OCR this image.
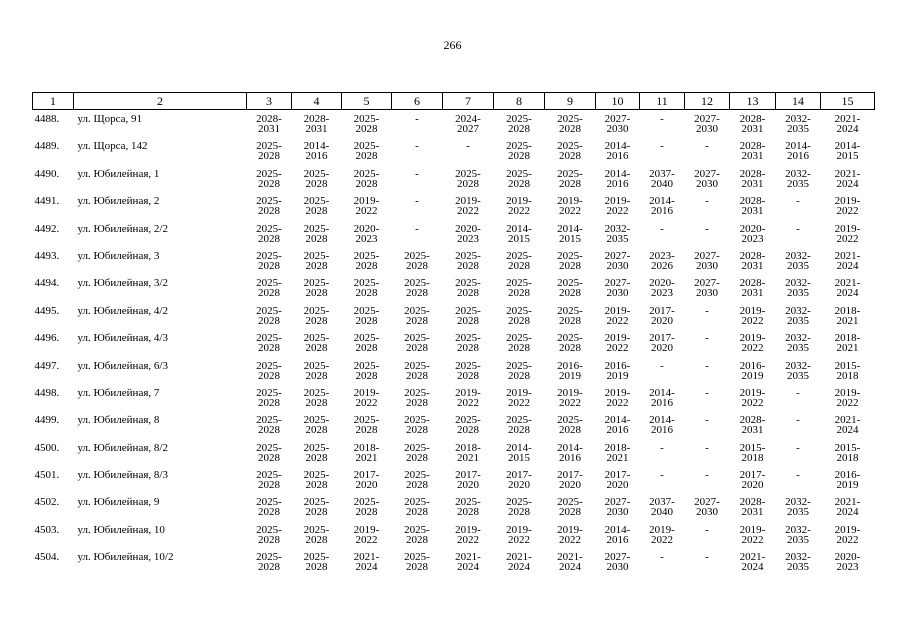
266
1	2	3	4	5	6	7	8	9	10	11	12	13	14	15
4488.	ул. Щорса, 91	2028-
2031	2028-
2031	2025-
2028	-	2024-
2027	2025-
2028	2025-
2028	2027-
2030	-	2027-
2030	2028-
2031	2032-
2035	2021-
2024

4489.	ул. Щорса, 142	2025-
2028	2014-
2016	2025-
2028	-	-	2025-
2028	2025-
2028	2014-
2016	-	-	2028-
2031	2014-
2016	2014-
2015

4490.	ул. Юбилейная, 1	2025-
2028	2025-
2028	2025-
2028	-	2025-
2028	2025-
2028	2025-
2028	2014-
2016	2037-
2040	2027-
2030	2028-
2031	2032-
2035	2021-
2024

4491.	ул. Юбилейная, 2	2025-
2028	2025-
2028	2019-
2022	-	2019-
2022	2019-
2022	2019-
2022	2019-
2022	2014-
2016	-	2028-
2031	-	2019-
2022

4492.	ул. Юбилейная, 2/2	2025-
2028	2025-
2028	2020-
2023	-	2020-
2023	2014-
2015	2014-
2015	2032-
2035	-	-	2020-
2023	-	2019-
2022

4493.	ул. Юбилейная, 3	2025-
2028	2025-
2028	2025-
2028	2025-
2028	2025-
2028	2025-
2028	2025-
2028	2027-
2030	2023-
2026	2027-
2030	2028-
2031	2032-
2035	2021-
2024

4494.	ул. Юбилейная, 3/2	2025-
2028	2025-
2028	2025-
2028	2025-
2028	2025-
2028	2025-
2028	2025-
2028	2027-
2030	2020-
2023	2027-
2030	2028-
2031	2032-
2035	2021-
2024

4495.	ул. Юбилейная, 4/2	2025-
2028	2025-
2028	2025-
2028	2025-
2028	2025-
2028	2025-
2028	2025-
2028	2019-
2022	2017-
2020	-	2019-
2022	2032-
2035	2018-
2021

4496.	ул. Юбилейная, 4/3	2025-
2028	2025-
2028	2025-
2028	2025-
2028	2025-
2028	2025-
2028	2025-
2028	2019-
2022	2017-
2020	-	2019-
2022	2032-
2035	2018-
2021

4497.	ул. Юбилейная, 6/3	2025-
2028	2025-
2028	2025-
2028	2025-
2028	2025-
2028	2025-
2028	2016-
2019	2016-
2019	-	-	2016-
2019	2032-
2035	2015-
2018

4498.	ул. Юбилейная, 7	2025-
2028	2025-
2028	2019-
2022	2025-
2028	2019-
2022	2019-
2022	2019-
2022	2019-
2022	2014-
2016	-	2019-
2022	-	2019-
2022

4499.	ул. Юбилейная, 8	2025-
2028	2025-
2028	2025-
2028	2025-
2028	2025-
2028	2025-
2028	2025-
2028	2014-
2016	2014-
2016	-	2028-
2031	-	2021-
2024

4500.	ул. Юбилейная, 8/2	2025-
2028	2025-
2028	2018-
2021	2025-
2028	2018-
2021	2014-
2015	2014-
2016	2018-
2021	-	-	2015-
2018	-	2015-
2018

4501.	ул. Юбилейная, 8/3	2025-
2028	2025-
2028	2017-
2020	2025-
2028	2017-
2020	2017-
2020	2017-
2020	2017-
2020	-	-	2017-
2020	-	2016-
2019

4502.	ул. Юбилейная, 9	2025-
2028	2025-
2028	2025-
2028	2025-
2028	2025-
2028	2025-
2028	2025-
2028	2027-
2030	2037-
2040	2027-
2030	2028-
2031	2032-
2035	2021-
2024

4503.	ул. Юбилейная, 10	2025-
2028	2025-
2028	2019-
2022	2025-
2028	2019-
2022	2019-
2022	2019-
2022	2014-
2016	2019-
2022	-	2019-
2022	2032-
2035	2019-
2022

4504.	ул. Юбилейная, 10/2	2025-
2028	2025-
2028	2021-
2024	2025-
2028	2021-
2024	2021-
2024	2021-
2024	2027-
2030	-	-	2021-
2024	2032-
2035	2020-
2023
